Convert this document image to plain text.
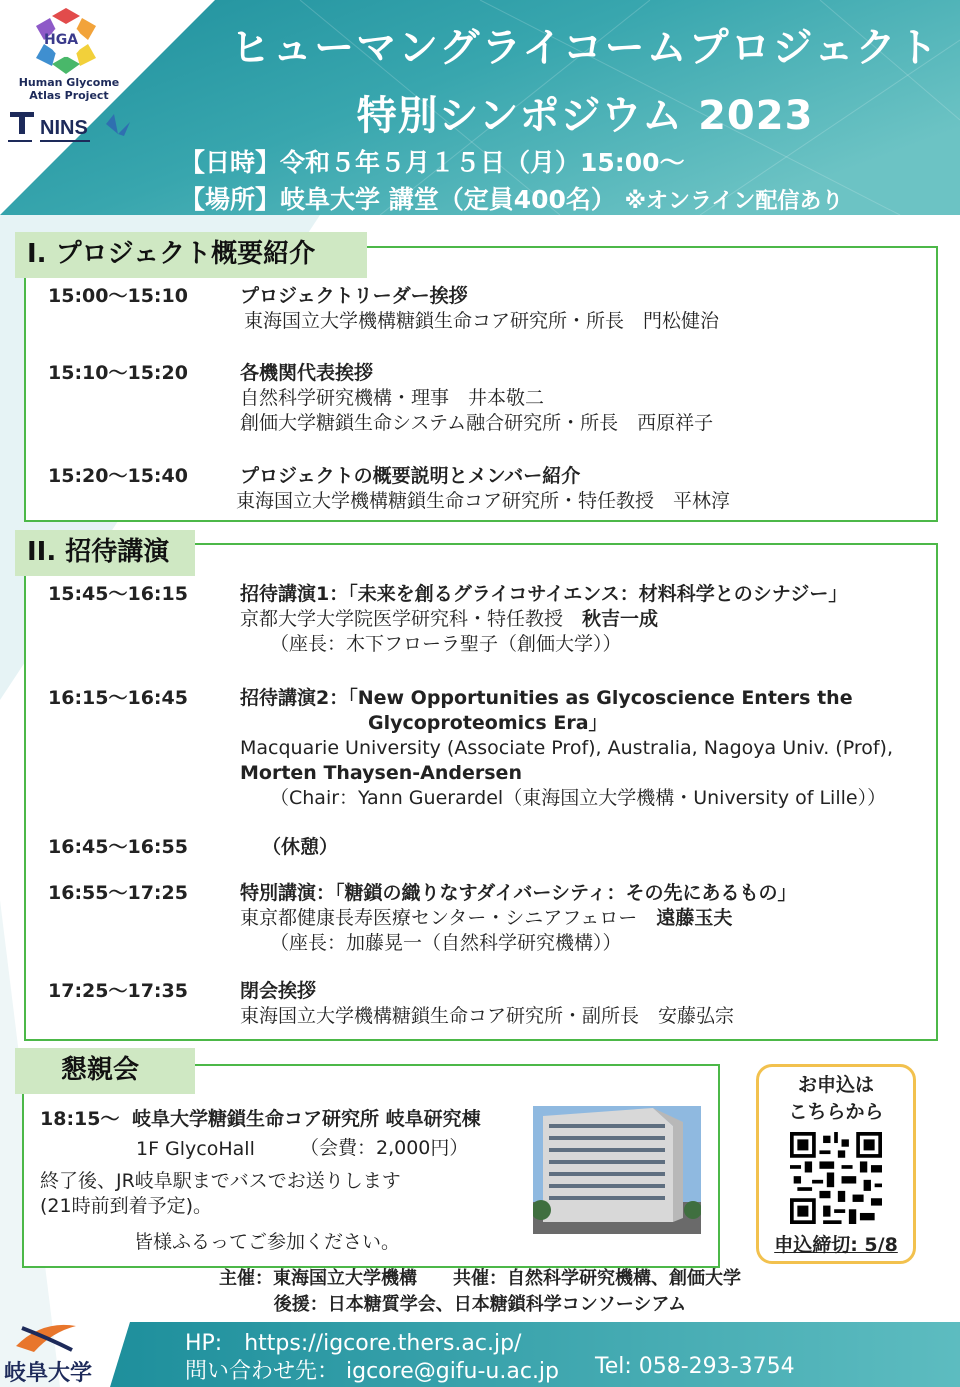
HGA
Human Glycome Atlas Project
NINS
ヒューマングライコームプロジェクト
特別シンポジウム 2023
【日時】令和５年５月１５日（月）15:00～
【場所】岐阜大学 講堂（定員400名） ※オンライン配信あり
I. プロジェクト概要紹介
15:00～15:10	プロジェクトリーダー挨拶
東海国立大学機構糖鎖生命コア研究所・所長　門松健治
15:10～15:20	各機関代表挨拶
自然科学研究機構・理事　井本敬二
創価大学糖鎖生命システム融合研究所・所長　西原祥子
15:20～15:40	プロジェクトの概要説明とメンバー紹介
東海国立大学機構糖鎖生命コア研究所・特任教授　平林淳
II. 招待講演
15:45～16:15	招待講演1：「未来を創るグライコサイエンス：材料科学とのシナジー」
京都大学大学院医学研究科・特任教授　 秋吉一成
（座長：木下フローラ聖子（創価大学））
16:15～16:45	招待講演2：「New Opportunities as Glycoscience Enters the
Glycoproteomics Era」
Macquarie University (Associate Prof), Australia, Nagoya Univ. (Prof),
Morten Thaysen-Andersen
（Chair：Yann Guerardel（東海国立大学機構・University of Lille））
16:45～16:55	（休憩）
16:55～17:25	特別講演：「糖鎖の織りなすダイバーシティ：その先にあるもの」
東京都健康長寿医療センター・シニアフェロー　 遠藤玉夫
（座長：加藤晃一（自然科学研究機構））
17:25～17:35	閉会挨拶
東海国立大学機構糖鎖生命コア研究所・副所長　安藤弘宗
懇親会
18:15～ 岐阜大学糖鎖生命コア研究所 岐阜研究棟
1F GlycoHall （会費：2,000円）
終了後、JR岐阜駅までバスでお送りします
(21時前到着予定)。
皆様ふるってご参加ください。
お申込は
こちらから
申込締切: 5/8
主催：東海国立大学機構　　共催：自然科学研究機構、創価大学
後援：日本糖質学会、日本糖鎖科学コンソーシアム
岐阜大学
HP:　https://igcore.thers.ac.jp/
問い合わせ先： igcore@gifu-u.ac.jp Tel: 058-293-3754
